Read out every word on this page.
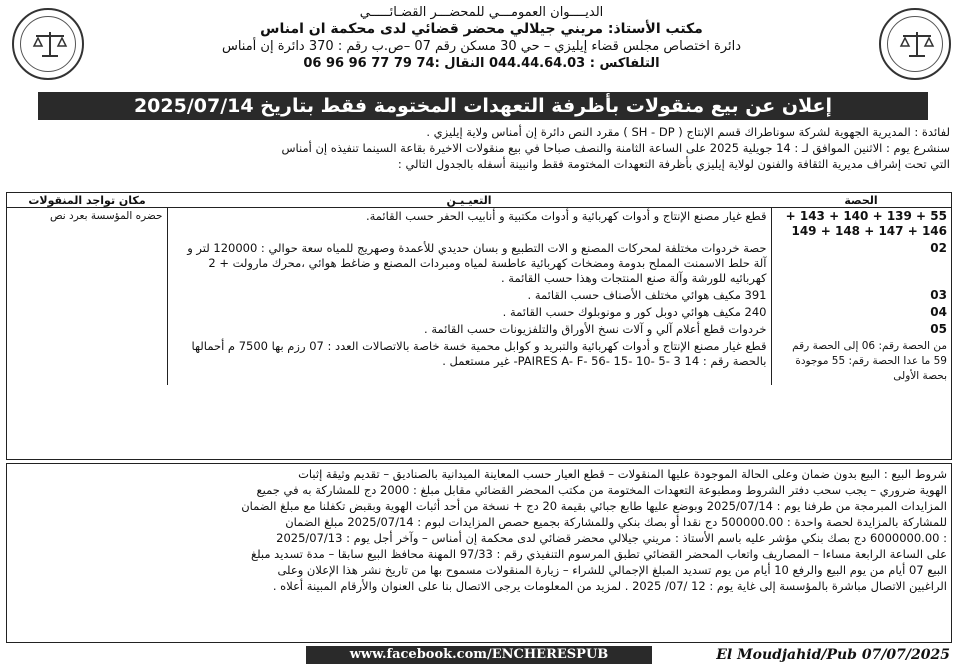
الديــــوان العمومـــي للمحضـــر القضـائـــــي
مكتب الأستاذ: مريني جيلالي محضر قضائي لدى محكمة ان امناس
دائرة اختصاص مجلس قضاء إيليزي – حي 30 مسكن رقم 07 –ص.ب رقم : 370 دائرة إن أمناس
التلفاكس : 044.44.64.03 النقال :74 79 77 96 96 06
إعلان عن بيع منقولات بأظرفة التعهدات المختومة فقط بتاريخ 2025/07/14

لفائدة : المديرية الجهوية لشركة سوناطراك قسم الإنتاج ( SH - DP ) مقرد النص دائرة إن أمناس ولاية إيليزي .

سنشرع يوم : الاثنين الموافق لـ : 14 جويلية 2025 على الساعة الثامنة والنصف صباحا في بيع منقولات الاخيرة بقاعة السينما تنفيذه إن أمناس

التي تحت إشراف مديرية الثقافة والفنون لولاية إيليزي بأظرفة التعهدات المختومة فقط وانبينة أسفله بالجدول التالي :

الحصة	التعيـيـن	مكان تواجد المنقولات
55 + 139 + 140 + 143 + 146 + 147 + 148 + 149	قطع غيار مصنع الإنتاج و أدوات كهربائية و أدوات مكتبية و أنابيب الحفر حسب القائمة.	حضره المؤسسة بعرد نص
02	حصة خردوات مختلفة لمحركات المصنع و الات التطبيع و بسان حديدي للأعمدة وصهريج للمياه سعة حوالي : 120000 لتر و آلة حلط الاسمنت المملح بدومة ومضخات كهربائية عاطسة لمياه ومبردات المصنع و ضاغط هوائي ،محرك مارولت + 2 كهربائيه للورشة وآلة صنع المنتجات وهذا حسب القائمة .	
03	391 مكيف هوائي مختلف الأصناف حسب القائمة .	
04	240 مكيف هوائي دوبل كور و مونوبلوك حسب القائمة .	
05	خردوات قطع أعلام آلي و آلات نسخ الأوراق والتلفزيونات حسب القائمة .	
من الحصة رقم: 06 إلى الحصة رقم 59 ما عدا الحصة رقم: 55 موجودة بحصة الأولى	قطع غيار مصنع الإنتاج و أدوات كهربائية والتبريد و كوابل محمية خسة خاصة بالاتصالات العدد : 07 رزم بها 7500 م أحمالها بالحصة رقم : 14 PAIRES A- F- 56- 15- 10- 5- 3- غير مستعمل .	

شروط البيع : البيع بدون ضمان وعلى الحالة الموجودة عليها المنقولات – قطع العيار حسب المعاينة الميدانية بالصناديق – تقديم وثيقة إثبات

الهوية ضروري – يجب سحب دفتر الشروط ومطبوعة التعهدات المختومة من مكتب المحضر القضائي مقابل مبلغ : 2000 دج للمشاركة به في جميع

المزايدات المبرمجة من طرفنا يوم : 2025/07/14 وبوضع عليها طابع جبائي بقيمة 20 دج + نسخة من أحد أثبات الهوية وبقبض تكفلنا مع مبلغ الضمان

للمشاركة بالمزايدة لحصة واحدة : 500000.00 دج نقدا أو بصك بنكي وللمشاركة بجميع حصص المزايدات لبوم : 2025/07/14 مبلغ الضمان

: 6000000.00 دج بصك بنكي مؤشر عليه باسم الأستاذ : مريني جيلالي محضر قضائي لدى محكمة إن أمناس – وآخر أجل يوم : 2025/07/13

على الساعة الرابعة مساءا – المصاريف واتعاب المحضر القضائي تطبق المرسوم التنفيذي رقم : 97/33 المهنة محافظ البيع سابقا – مدة تسديد مبلغ

البيع 07 أيام من يوم البيع والرفع 10 أيام من يوم تسديد المبلغ الإجمالي للشراء – زيارة المنقولات مسموح بها من تاريخ نشر هذا الإعلان وعلى

الراغبين الاتصال مباشرة بالمؤسسة إلى غاية يوم : 12 /07/ 2025 . لمزيد من المعلومات يرجى الاتصال بنا على العنوان والأرقام المبينة أعلاه .

www.facebook.com/ENCHERESPUB	El Moudjahid/Pub 07/07/2025
